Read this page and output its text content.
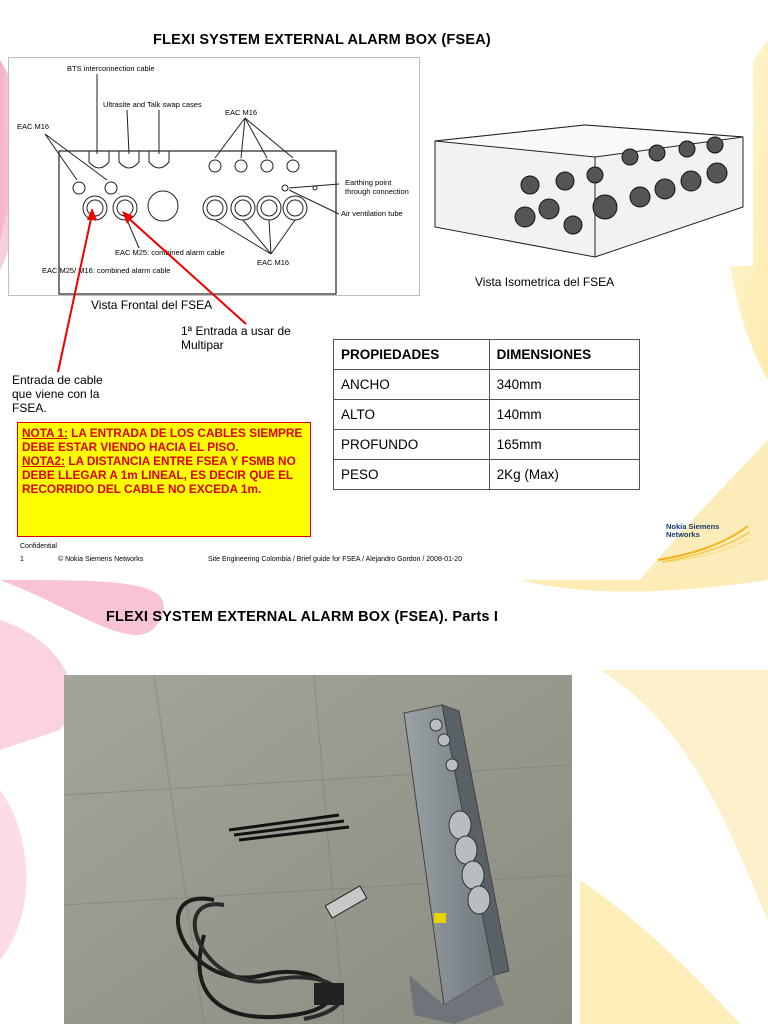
FLEXI SYSTEM EXTERNAL ALARM BOX (FSEA)
BTS interconnection cable
Ultrasite and Talk swap cases
EAC M16
EAC M16
Earthing point
through connection
Air ventilation tube
EAC M25: combined alarm cable
EAC M16
EAC M25/ M16: combined alarm cable
Vista Frontal del FSEA
Vista Isometrica del FSEA
1ª Entrada a usar de Multipar
Entrada de cable que viene con la FSEA.
PROPIEDADES	DIMENSIONES
ANCHO	340mm
ALTO	140mm
PROFUNDO	165mm
PESO	2Kg (Max)
NOTA 1: LA ENTRADA DE LOS CABLES SIEMPRE DEBE ESTAR VIENDO HACIA EL PISO.
NOTA2: LA DISTANCIA ENTRE FSEA Y FSMB NO DEBE LLEGAR A 1m LINEAL, ES DECIR QUE EL RECORRIDO DEL CABLE NO EXCEDA 1m.
Confidential
1	© Nokia Siemens Networks	Site Engineering Colombia / Brief guide for FSEA / Alejandro Gordon / 2008-01-20
Nokia Siemens
Networks
FLEXI SYSTEM EXTERNAL ALARM BOX (FSEA). Parts I
